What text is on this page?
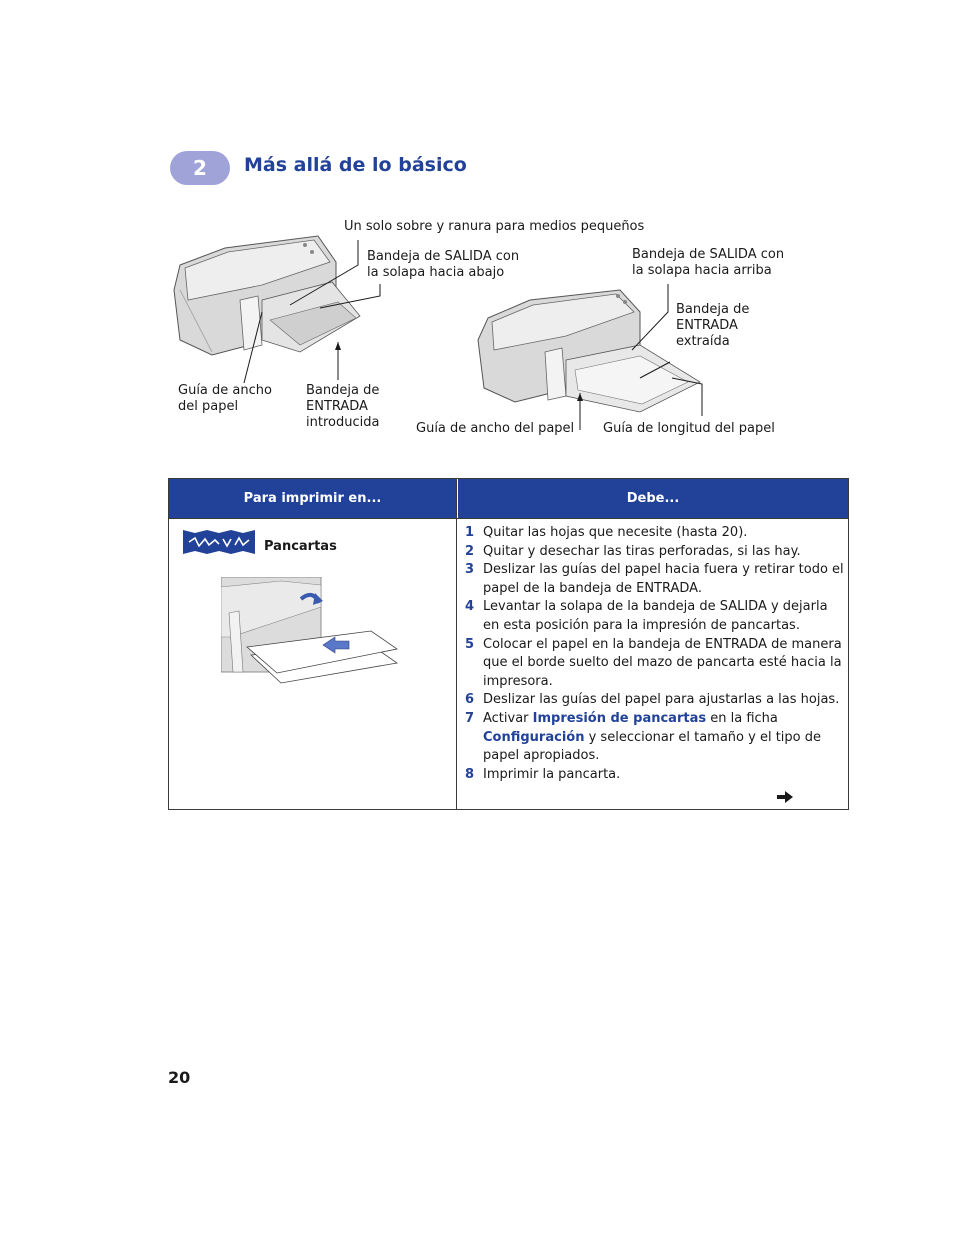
2	Más allá de lo básico
Un solo sobre y ranura para medios pequeños
Bandeja de SALIDA con
la solapa hacia abajo
Guía de ancho
del papel
Bandeja de
ENTRADA
introducida
Bandeja de SALIDA con
la solapa hacia arriba
Bandeja de
ENTRADA
extraída
Guía de ancho del papel Guía de longitud del papel
Para imprimir en...	Debe...
Pancartas
1 Quitar las hojas que necesite (hasta 20).
2 Quitar y desechar las tiras perforadas, si las hay.
3 Deslizar las guías del papel hacia fuera y retirar todo el papel de la bandeja de ENTRADA.
4 Levantar la solapa de la bandeja de SALIDA y dejarla en esta posición para la impresión de pancartas.
5 Colocar el papel en la bandeja de ENTRADA de manera que el borde suelto del mazo de pancarta esté hacia la impresora.
6 Deslizar las guías del papel para ajustarlas a las hojas.
7 Activar Impresión de pancartas en la ficha Configuración y seleccionar el tamaño y el tipo de papel apropiados.
8 Imprimir la pancarta.
20
